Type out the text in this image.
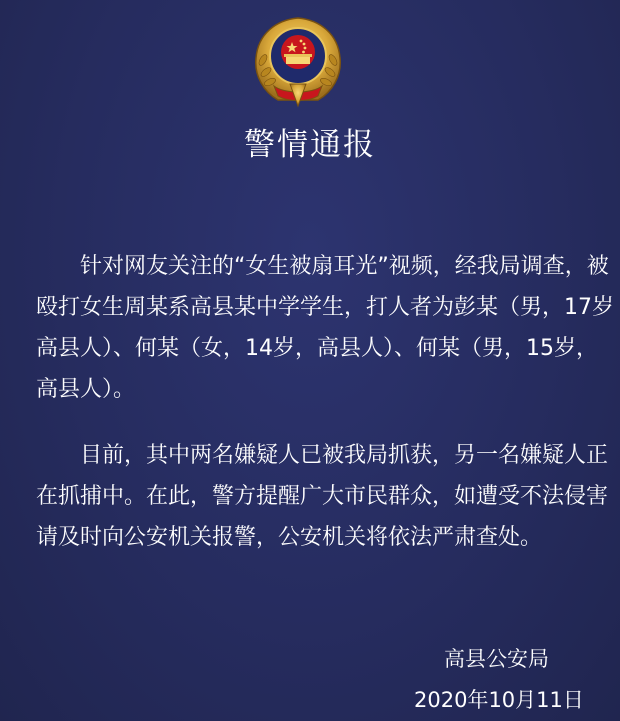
警情通报
针对网友关注的“女生被扇耳光”视频，经我局调查，被
殴打女生周某系高县某中学学生，打人者为彭某（男，17岁
高县人）、何某（女，14岁，高县人）、何某（男，15岁，
高县人）。
目前，其中两名嫌疑人已被我局抓获，另一名嫌疑人正
在抓捕中。在此，警方提醒广大市民群众，如遭受不法侵害
请及时向公安机关报警，公安机关将依法严肃查处。
高县公安局
2020年10月11日
